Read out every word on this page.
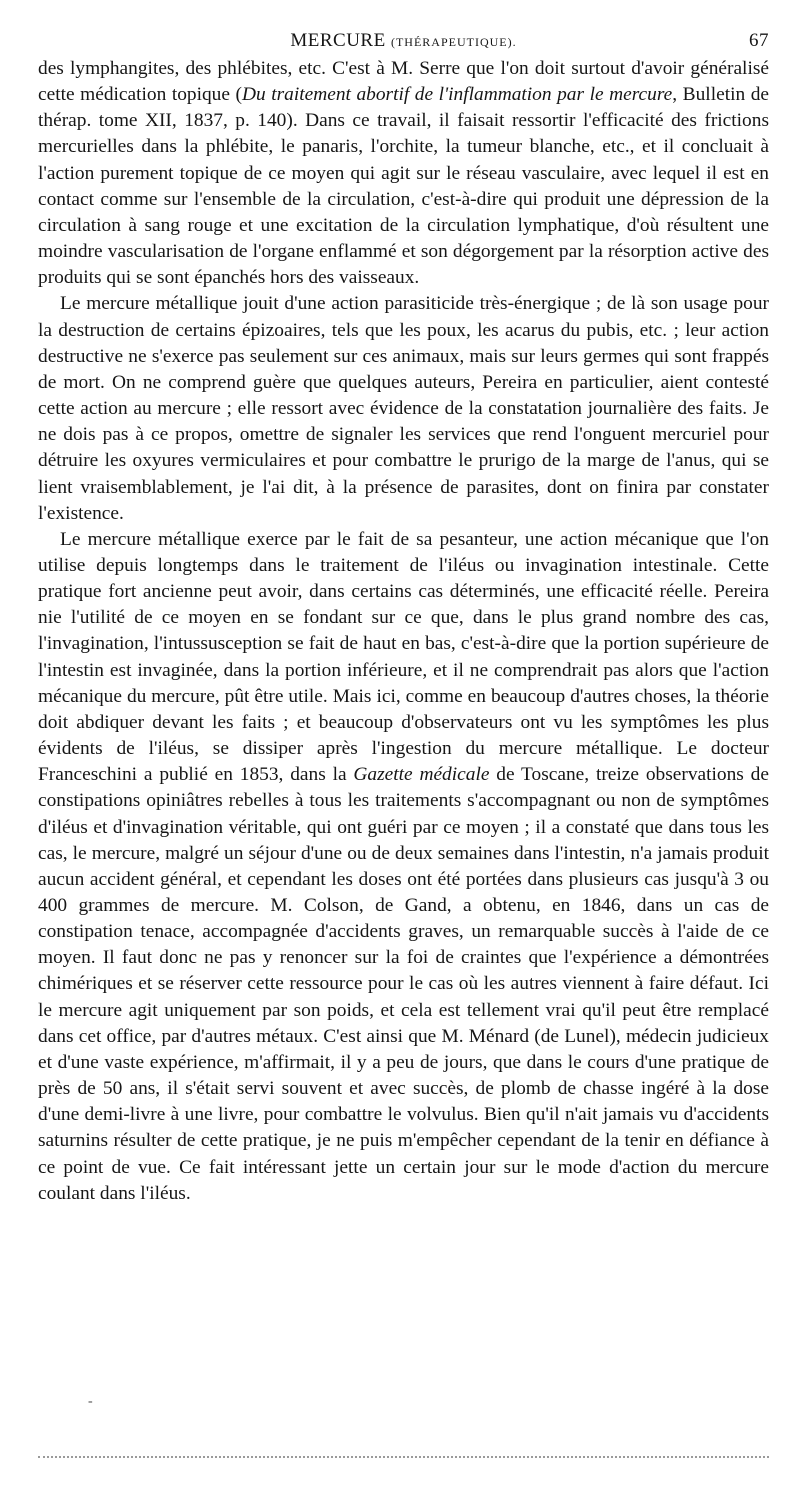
MERCURE (THÉRAPEUTIQUE).	67

des lymphangites, des phlébites, etc. C'est à M. Serre que l'on doit surtout d'avoir généralisé cette médication topique (Du traitement abortif de l'inflammation par le mercure, Bulletin de thérap. tome XII, 1837, p. 140). Dans ce travail, il faisait ressortir l'efficacité des frictions mercurielles dans la phlébite, le panaris, l'orchite, la tumeur blanche, etc., et il concluait à l'action purement topique de ce moyen qui agit sur le réseau vasculaire, avec lequel il est en contact comme sur l'ensemble de la circulation, c'est-à-dire qui produit une dépression de la circulation à sang rouge et une excitation de la circulation lymphatique, d'où résultent une moindre vascularisation de l'organe enflammé et son dégorgement par la résorption active des produits qui se sont épanchés hors des vaisseaux.

Le mercure métallique jouit d'une action parasiticide très-énergique ; de là son usage pour la destruction de certains épizoaires, tels que les poux, les acarus du pubis, etc. ; leur action destructive ne s'exerce pas seulement sur ces animaux, mais sur leurs germes qui sont frappés de mort. On ne comprend guère que quelques auteurs, Pereira en particulier, aient contesté cette action au mercure ; elle ressort avec évidence de la constatation journalière des faits. Je ne dois pas à ce propos, omettre de signaler les services que rend l'onguent mercuriel pour détruire les oxyures vermiculaires et pour combattre le prurigo de la marge de l'anus, qui se lient vraisemblablement, je l'ai dit, à la présence de parasites, dont on finira par constater l'existence.

Le mercure métallique exerce par le fait de sa pesanteur, une action mécanique que l'on utilise depuis longtemps dans le traitement de l'iléus ou invagination intestinale. Cette pratique fort ancienne peut avoir, dans certains cas déterminés, une efficacité réelle. Pereira nie l'utilité de ce moyen en se fondant sur ce que, dans le plus grand nombre des cas, l'invagination, l'intussusception se fait de haut en bas, c'est-à-dire que la portion supérieure de l'intestin est invaginée, dans la portion inférieure, et il ne comprendrait pas alors que l'action mécanique du mercure, pût être utile. Mais ici, comme en beaucoup d'autres choses, la théorie doit abdiquer devant les faits ; et beaucoup d'observateurs ont vu les symptômes les plus évidents de l'iléus, se dissiper après l'ingestion du mercure métallique. Le docteur Franceschini a publié en 1853, dans la Gazette médicale de Toscane, treize observations de constipations opiniâtres rebelles à tous les traitements s'accompagnant ou non de symptômes d'iléus et d'invagination véritable, qui ont guéri par ce moyen ; il a constaté que dans tous les cas, le mercure, malgré un séjour d'une ou de deux semaines dans l'intestin, n'a jamais produit aucun accident général, et cependant les doses ont été portées dans plusieurs cas jusqu'à 3 ou 400 grammes de mercure. M. Colson, de Gand, a obtenu, en 1846, dans un cas de constipation tenace, accompagnée d'accidents graves, un remarquable succès à l'aide de ce moyen. Il faut donc ne pas y renoncer sur la foi de craintes que l'expérience a démontrées chimériques et se réserver cette ressource pour le cas où les autres viennent à faire défaut. Ici le mercure agit uniquement par son poids, et cela est tellement vrai qu'il peut être remplacé dans cet office, par d'autres métaux. C'est ainsi que M. Ménard (de Lunel), médecin judicieux et d'une vaste expérience, m'affirmait, il y a peu de jours, que dans le cours d'une pratique de près de 50 ans, il s'était servi souvent et avec succès, de plomb de chasse ingéré à la dose d'une demi-livre à une livre, pour combattre le volvulus. Bien qu'il n'ait jamais vu d'accidents saturnins résulter de cette pratique, je ne puis m'empêcher cependant de la tenir en défiance à ce point de vue. Ce fait intéressant jette un certain jour sur le mode d'action du mercure coulant dans l'iléus.

‐
